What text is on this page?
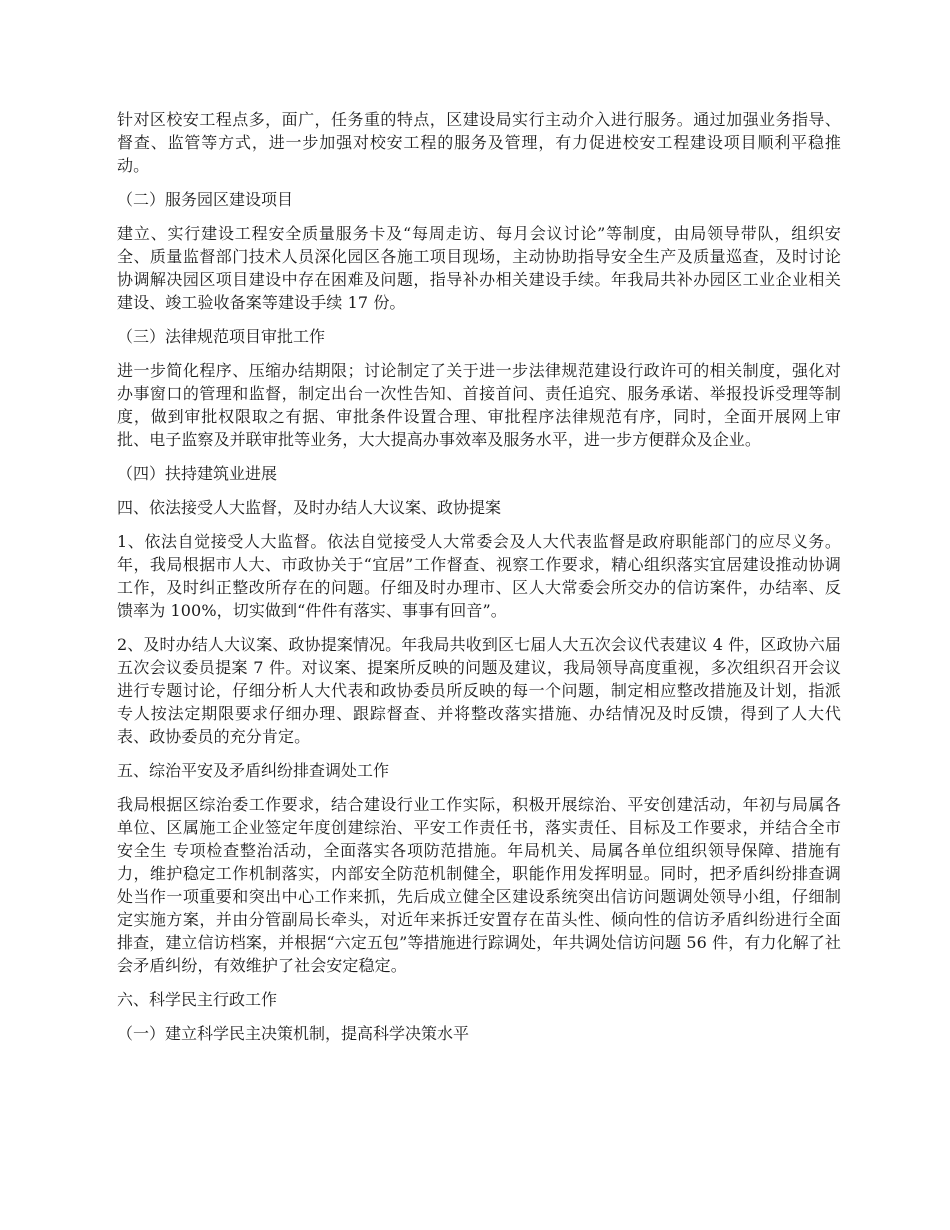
针对区校安工程点多，面广，任务重的特点，区建设局实行主动介入进行服务。通过加强业务指导、督查、监管等方式，进一步加强对校安工程的服务及管理，有力促进校安工程建设项目顺利平稳推动。

（二）服务园区建设项目

建立、实行建设工程安全质量服务卡及“每周走访、每月会议讨论”等制度，由局领导带队，组织安全、质量监督部门技术人员深化园区各施工项目现场，主动协助指导安全生产及质量巡查，及时讨论协调解决园区项目建设中存在困难及问题，指导补办相关建设手续。年我局共补办园区工业企业相关建设、竣工验收备案等建设手续 17 份。

（三）法律规范项目审批工作

进一步简化程序、压缩办结期限；讨论制定了关于进一步法律规范建设行政许可的相关制度，强化对办事窗口的管理和监督，制定出台一次性告知、首接首问、责任追究、服务承诺、举报投诉受理等制度，做到审批权限取之有据、审批条件设置合理、审批程序法律规范有序，同时，全面开展网上审批、电子监察及并联审批等业务，大大提高办事效率及服务水平，进一步方便群众及企业。

（四）扶持建筑业进展

四、依法接受人大监督，及时办结人大议案、政协提案

1、依法自觉接受人大监督。依法自觉接受人大常委会及人大代表监督是政府职能部门的应尽义务。年，我局根据市人大、市政协关于“宜居”工作督查、视察工作要求，精心组织落实宜居建设推动协调工作，及时纠正整改所存在的问题。仔细及时办理市、区人大常委会所交办的信访案件，办结率、反馈率为 100%，切实做到“件件有落实、事事有回音”。

2、及时办结人大议案、政协提案情况。年我局共收到区七届人大五次会议代表建议 4 件，区政协六届五次会议委员提案 7 件。对议案、提案所反映的问题及建议，我局领导高度重视，多次组织召开会议进行专题讨论，仔细分析人大代表和政协委员所反映的每一个问题，制定相应整改措施及计划，指派专人按法定期限要求仔细办理、跟踪督查、并将整改落实措施、办结情况及时反馈，得到了人大代表、政协委员的充分肯定。

五、综治平安及矛盾纠纷排查调处工作

我局根据区综治委工作要求，结合建设行业工作实际，积极开展综治、平安创建活动，年初与局属各单位、区属施工企业签定年度创建综治、平安工作责任书，落实责任、目标及工作要求，并结合全市安全生 专项检查整治活动，全面落实各项防范措施。年局机关、局属各单位组织领导保障、措施有力，维护稳定工作机制落实，内部安全防范机制健全，职能作用发挥明显。同时，把矛盾纠纷排查调处当作一项重要和突出中心工作来抓，先后成立健全区建设系统突出信访问题调处领导小组，仔细制定实施方案，并由分管副局长牵头，对近年来拆迁安置存在苗头性、倾向性的信访矛盾纠纷进行全面排查，建立信访档案，并根据“六定五包”等措施进行踪调处，年共调处信访问题 56 件，有力化解了社会矛盾纠纷，有效维护了社会安定稳定。

六、科学民主行政工作

（一）建立科学民主决策机制，提高科学决策水平
